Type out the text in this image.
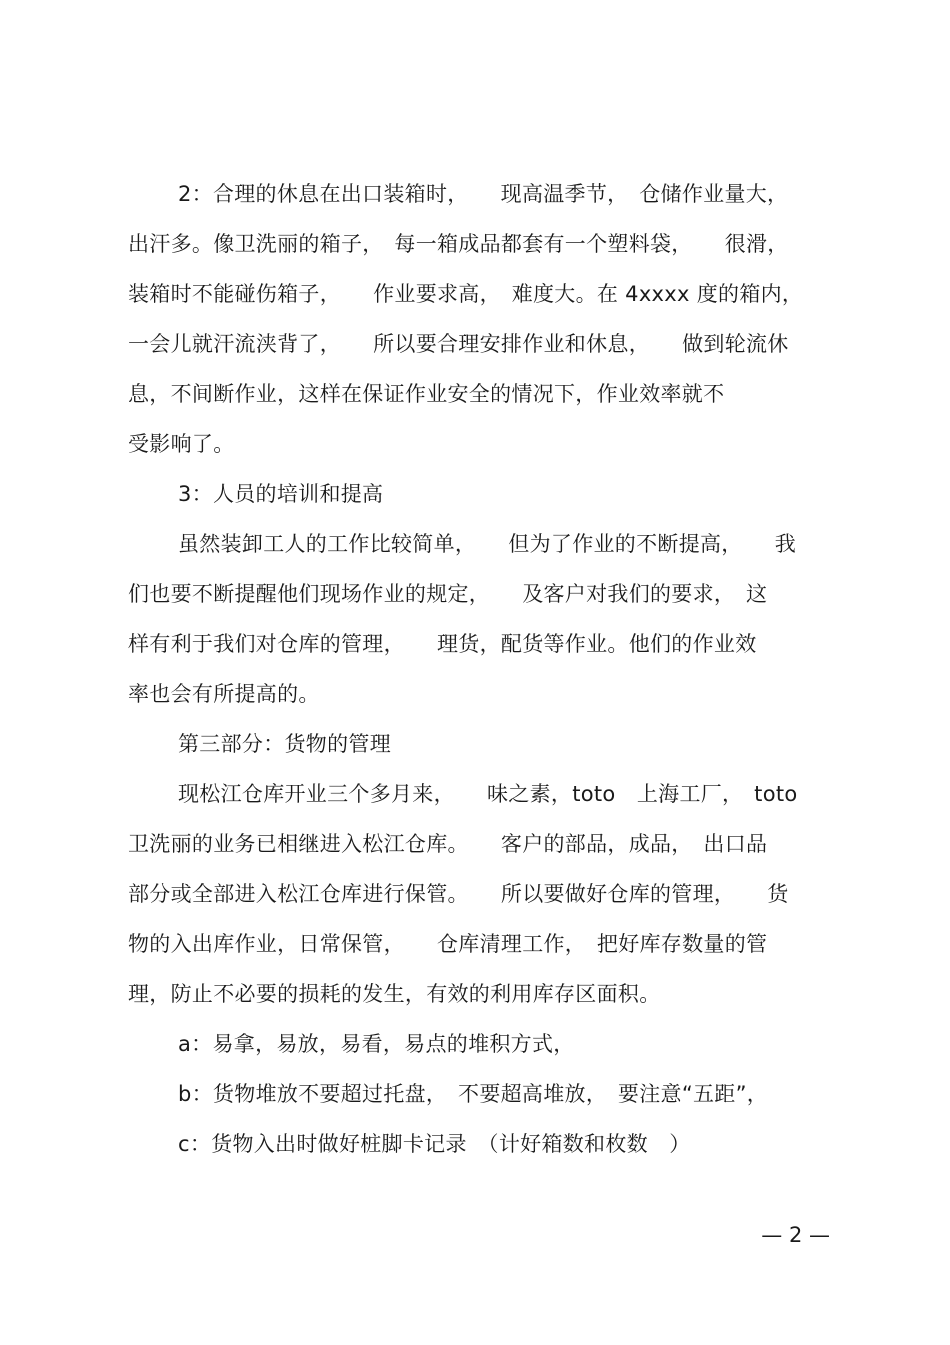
2：合理的休息在出口装箱时，　　现高温季节，　仓储作业量大，
出汗多。像卫洗丽的箱子，　每一箱成品都套有一个塑料袋，　　很滑，
装箱时不能碰伤箱子，　　作业要求高，　难度大。在 4xxxx 度的箱内，
一会儿就汗流浃背了，　　所以要合理安排作业和休息，　　做到轮流休
息，不间断作业，这样在保证作业安全的情况下，作业效率就不
受影响了。
3：人员的培训和提高
虽然装卸工人的工作比较简单，　　但为了作业的不断提高，　　我
们也要不断提醒他们现场作业的规定，　　及客户对我们的要求，　这
样有利于我们对仓库的管理，　　理货，配货等作业。他们的作业效
率也会有所提高的。
第三部分：货物的管理
现松江仓库开业三个多月来，　　味之素，toto　上海工厂，　toto
卫洗丽的业务已相继进入松江仓库。　　客户的部品，成品，　出口品
部分或全部进入松江仓库进行保管。　　所以要做好仓库的管理，　　货
物的入出库作业，日常保管，　　仓库清理工作，　把好库存数量的管
理，防止不必要的损耗的发生，有效的利用库存区面积。
a：易拿，易放，易看，易点的堆积方式，
b：货物堆放不要超过托盘，　不要超高堆放，　要注意“五距”，
c：货物入出时做好桩脚卡记录　（计好箱数和枚数　）
— 2 —
